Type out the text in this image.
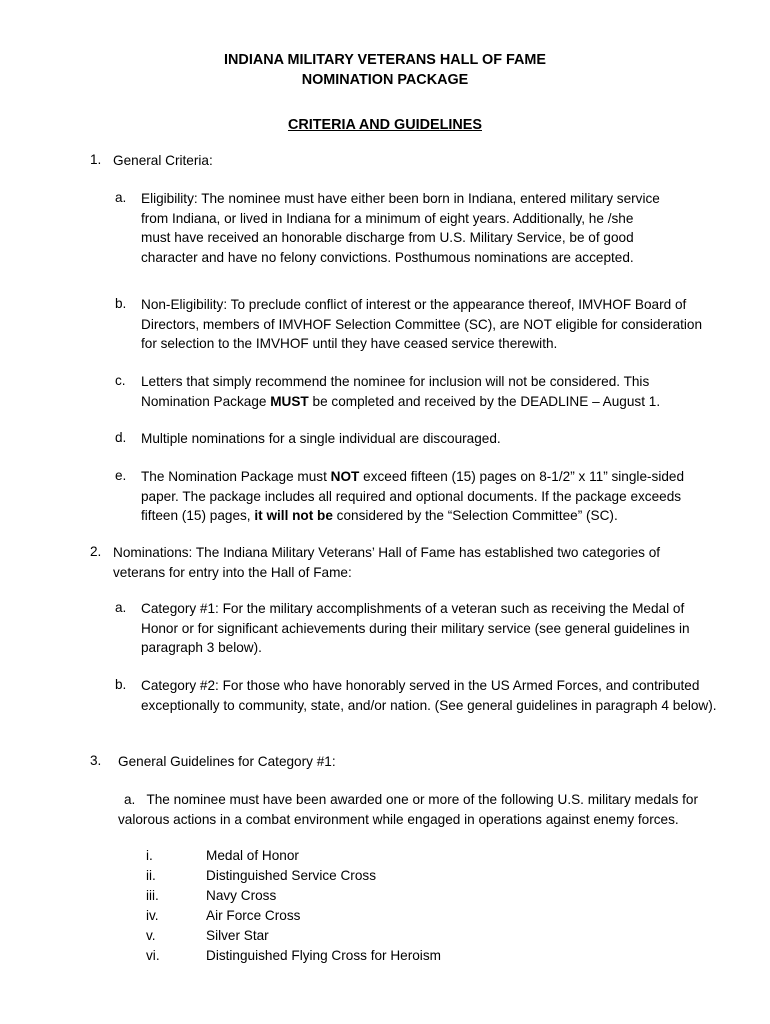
INDIANA MILITARY VETERANS HALL OF FAME
NOMINATION PACKAGE
CRITERIA AND GUIDELINES
1. General Criteria:
a. Eligibility: The nominee must have either been born in Indiana, entered military service from Indiana, or lived in Indiana for a minimum of eight years. Additionally, he /she must have received an honorable discharge from U.S. Military Service, be of good character and have no felony convictions. Posthumous nominations are accepted.
b. Non-Eligibility: To preclude conflict of interest or the appearance thereof, IMVHOF Board of Directors, members of IMVHOF Selection Committee (SC), are NOT eligible for consideration for selection to the IMVHOF until they have ceased service therewith.
c. Letters that simply recommend the nominee for inclusion will not be considered. This Nomination Package MUST be completed and received by the DEADLINE – August 1.
d. Multiple nominations for a single individual are discouraged.
e. The Nomination Package must NOT exceed fifteen (15) pages on 8-1/2” x 11” single-sided paper. The package includes all required and optional documents. If the package exceeds fifteen (15) pages, it will not be considered by the “Selection Committee” (SC).
2. Nominations: The Indiana Military Veterans’ Hall of Fame has established two categories of veterans for entry into the Hall of Fame:
a. Category #1: For the military accomplishments of a veteran such as receiving the Medal of Honor or for significant achievements during their military service (see general guidelines in paragraph 3 below).
b. Category #2: For those who have honorably served in the US Armed Forces, and contributed exceptionally to community, state, and/or nation. (See general guidelines in paragraph 4 below).
3. General Guidelines for Category #1:
a. The nominee must have been awarded one or more of the following U.S. military medals for valorous actions in a combat environment while engaged in operations against enemy forces.
i.	Medal of Honor
ii.	Distinguished Service Cross
iii.	Navy Cross
iv.	Air Force Cross
v.	Silver Star
vi.	Distinguished Flying Cross for Heroism
